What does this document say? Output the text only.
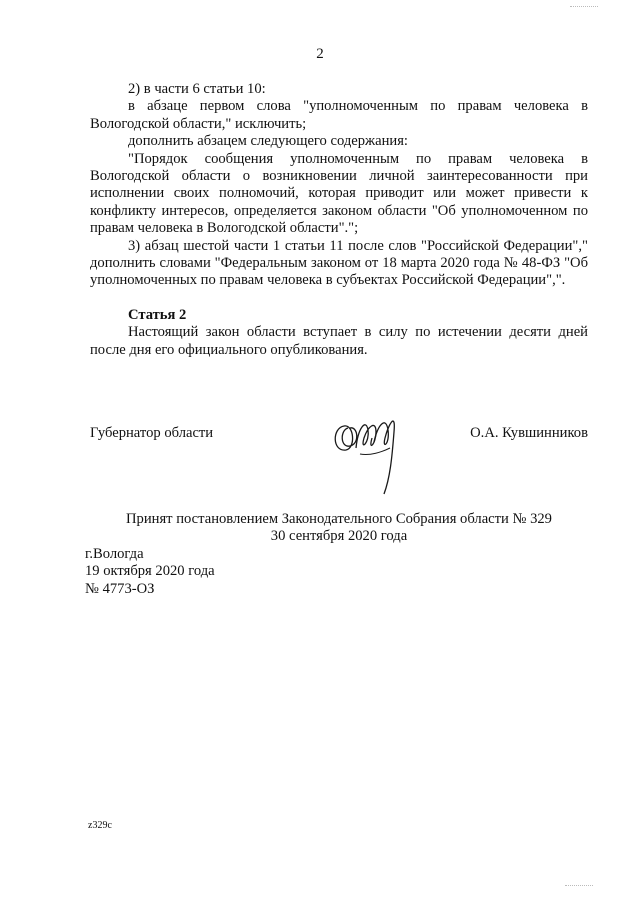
2

2) в части 6 статьи 10:

в абзаце первом слова "уполномоченным по правам человека в Вологодской области," исключить;

дополнить абзацем следующего содержания:

"Порядок сообщения уполномоченным по правам человека в Вологодской области о возникновении личной заинтересованности при исполнении своих полномочий, которая приводит или может привести к конфликту интересов, определяется законом области "Об уполномоченном по правам человека в Вологодской области".";

3) абзац шестой части 1 статьи 11 после слов "Российской Федерации"," дополнить словами "Федеральным законом от 18 марта 2020 года № 48-ФЗ "Об уполномоченных по правам человека в субъектах Российской Федерации",".

Статья 2

Настоящий закон области вступает в силу по истечении десяти дней после дня его официального опубликования.

Губернатор области	О.А. Кувшинников
Принят постановлением Законодательного Собрания области № 329
30 сентября 2020 года
г.Вологда
19 октября 2020 года
№ 4773-ОЗ
z329c
